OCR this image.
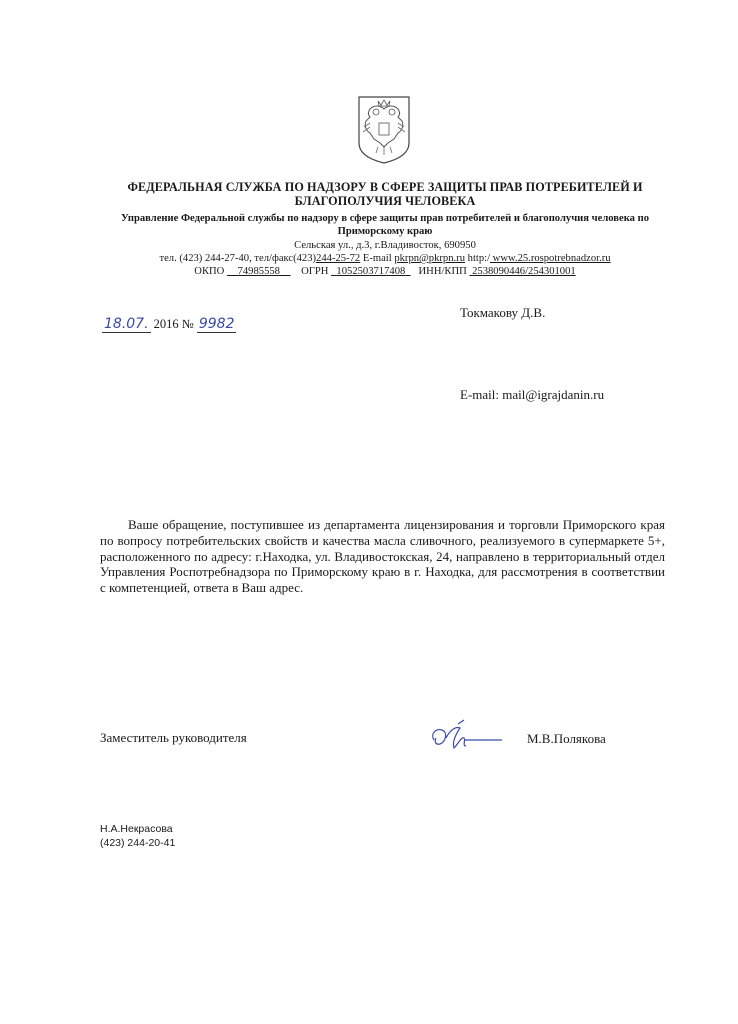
ФЕДЕРАЛЬНАЯ СЛУЖБА ПО НАДЗОРУ В СФЕРЕ ЗАЩИТЫ ПРАВ ПОТРЕБИТЕЛЕЙ И БЛАГОПОЛУЧИЯ ЧЕЛОВЕКА
Управление Федеральной службы по надзору в сфере защиты прав потребителей и благополучия человека по Приморскому краю
Сельская ул., д.3, г.Владивосток, 690950
тел. (423) 244-27-40, тел/факс(423)244-25-72 E-mail pkrpn@pkrpn.ru http:/ www.25.rospotrebnadzor.ru
ОКПО 74985558 ОГРН 1052503717408 ИНН/КПП 2538090446/254301001
18.07. 2016 № 9982
Токмакову Д.В.
E-mail: mail@igrajdanin.ru
Ваше обращение, поступившее из департамента лицензирования и торговли Приморского края по вопросу потребительских свойств и качества масла сливочного, реализуемого в супермаркете 5+, расположенного по адресу: г.Находка, ул. Владивостокская, 24, направлено в территориальный отдел Управления Роспотребнадзора по Приморскому краю в г. Находка, для рассмотрения в соответствии с компетенцией, ответа в Ваш адрес.
Заместитель руководителя	М.В.Полякова
Н.А.Некрасова
(423) 244-20-41
